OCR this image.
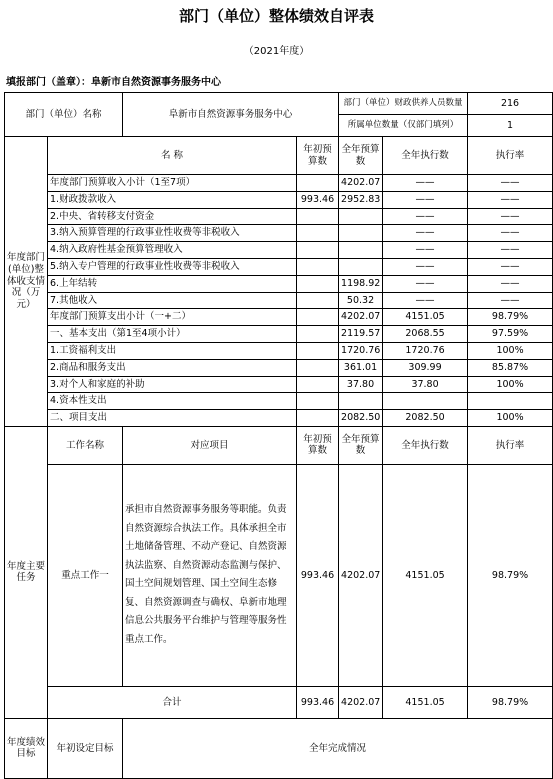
部门（单位）整体绩效自评表
（2021年度）
填报部门（盖章）：阜新市自然资源事务服务中心
部门（单位）名称		阜新市自然资源事务服务中心		部门（单位）财政供养人员数量		216
				所属单位数量（仅部门填列）		1
年度部门(单位)整体收支情况（万元）	名 称		年初预算数	全年预算数	全年执行数	执行率
	年度部门预算收入小计（1至7项）			4202.07	——	——
	1.财政拨款收入		993.46	2952.83	——	——
	2.中央、省转移支付资金				——	——
	3.纳入预算管理的行政事业性收费等非税收入				——	——
	4.纳入政府性基金预算管理收入				——	——
	5.纳入专户管理的行政事业性收费等非税收入				——	——
	6.上年结转			1198.92	——	——
	7.其他收入			50.32	——	——
	年度部门预算支出小计（一+二）			4202.07	4151.05	98.79%
	一、基本支出（第1至4项小计）			2119.57	2068.55	97.59%
	1.工资福利支出			1720.76	1720.76	100%
	2.商品和服务支出			361.01	309.99	85.87%
	3.对个人和家庭的补助			37.80	37.80	100%
	4.资本性支出					
	二、项目支出			2082.50	2082.50	100%
年度主要任务	工作名称	对应项目	年初预算数	全年预算数	全年执行数	执行率
	重点工作一	承担市自然资源事务服务等职能。负责自然资源综合执法工作。具体承担全市土地储备管理、不动产登记、自然资源执法监察、自然资源动态监测与保护、国土空间规划管理、国土空间生态修复、自然资源调查与确权、阜新市地理信息公共服务平台维护与管理等服务性重点工作。	993.46	4202.07	4151.05	98.79%
	合计		993.46	4202.07	4151.05	98.79%
年度绩效目标	年初设定目标	全年完成情况				
